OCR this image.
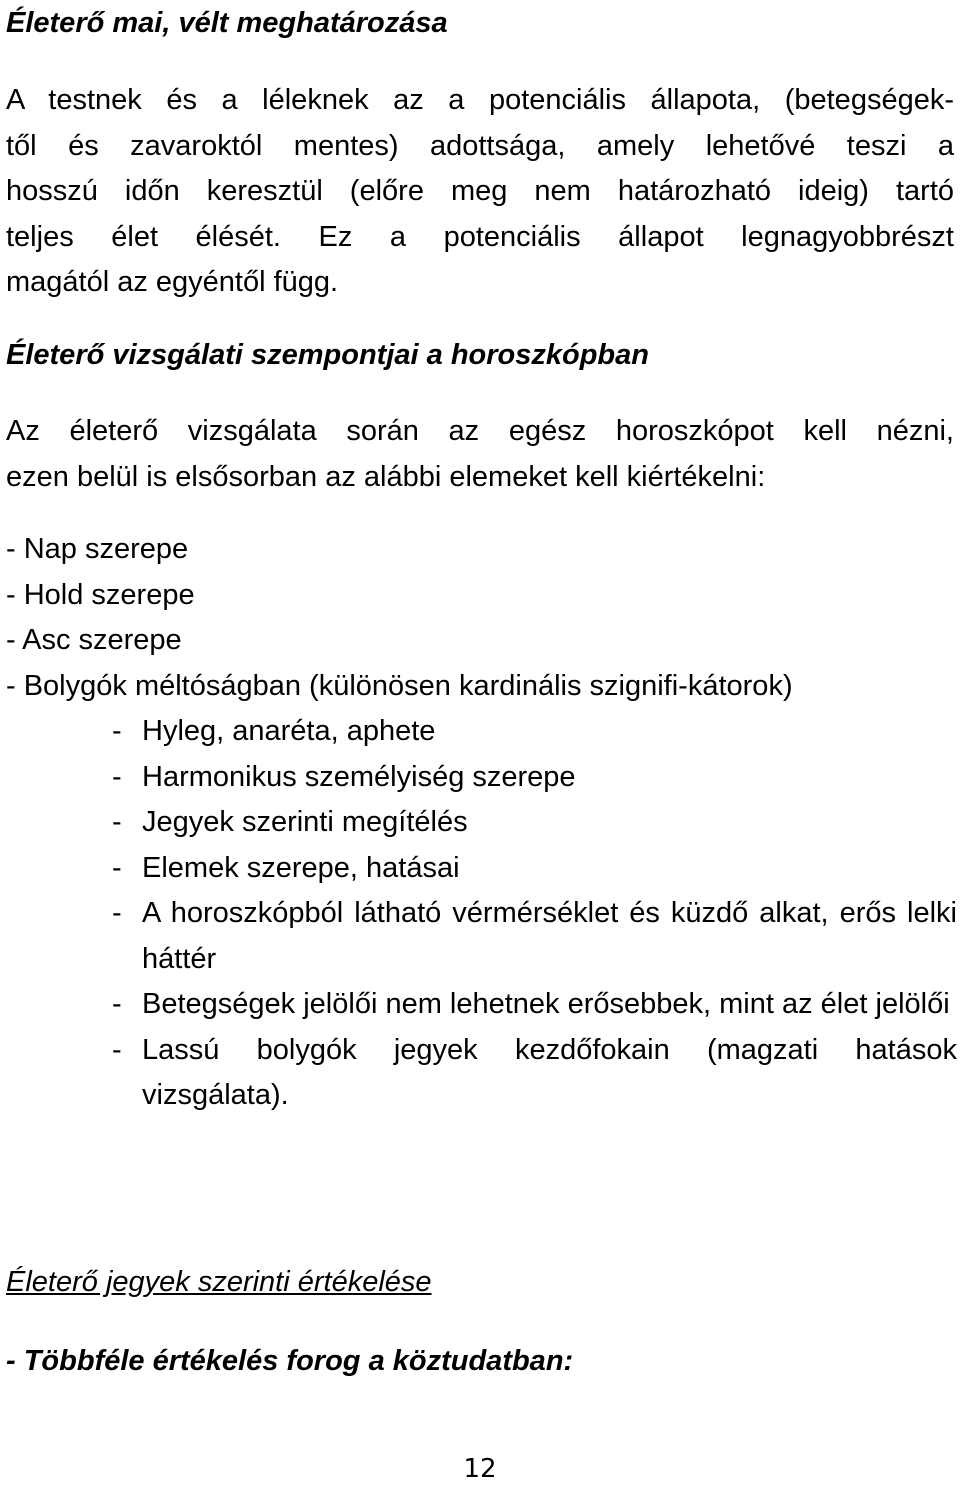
Életerő mai, vélt meghatározása
A testnek és a léleknek az a potenciális állapota, (betegségek-
től és zavaroktól mentes) adottsága, amely lehetővé teszi a
hosszú időn keresztül (előre meg nem határozható ideig) tartó
teljes élet élését. Ez a potenciális állapot legnagyobbrészt
magától az egyéntől függ.
Életerő vizsgálati szempontjai a horoszkópban
Az életerő vizsgálata során az egész horoszkópot kell nézni,
ezen belül is elsősorban az alábbi elemeket kell kiértékelni:
- Nap szerepe
- Hold szerepe
- Asc szerepe
- Bolygók méltóságban (különösen kardinális szignifi-kátorok)
- Hyleg, anaréta, aphete
- Harmonikus személyiség szerepe
- Jegyek szerinti megítélés
- Elemek szerepe, hatásai
- A horoszkópból látható vérmérséklet és küzdő alkat, erős lelki háttér
- Betegségek jelölői nem lehetnek erősebbek, mint az élet jelölői
- Lassú bolygók jegyek kezdőfokain (magzati hatások vizsgálata).
Életerő jegyek szerinti értékelése
- Többféle értékelés forog a köztudatban:
12
